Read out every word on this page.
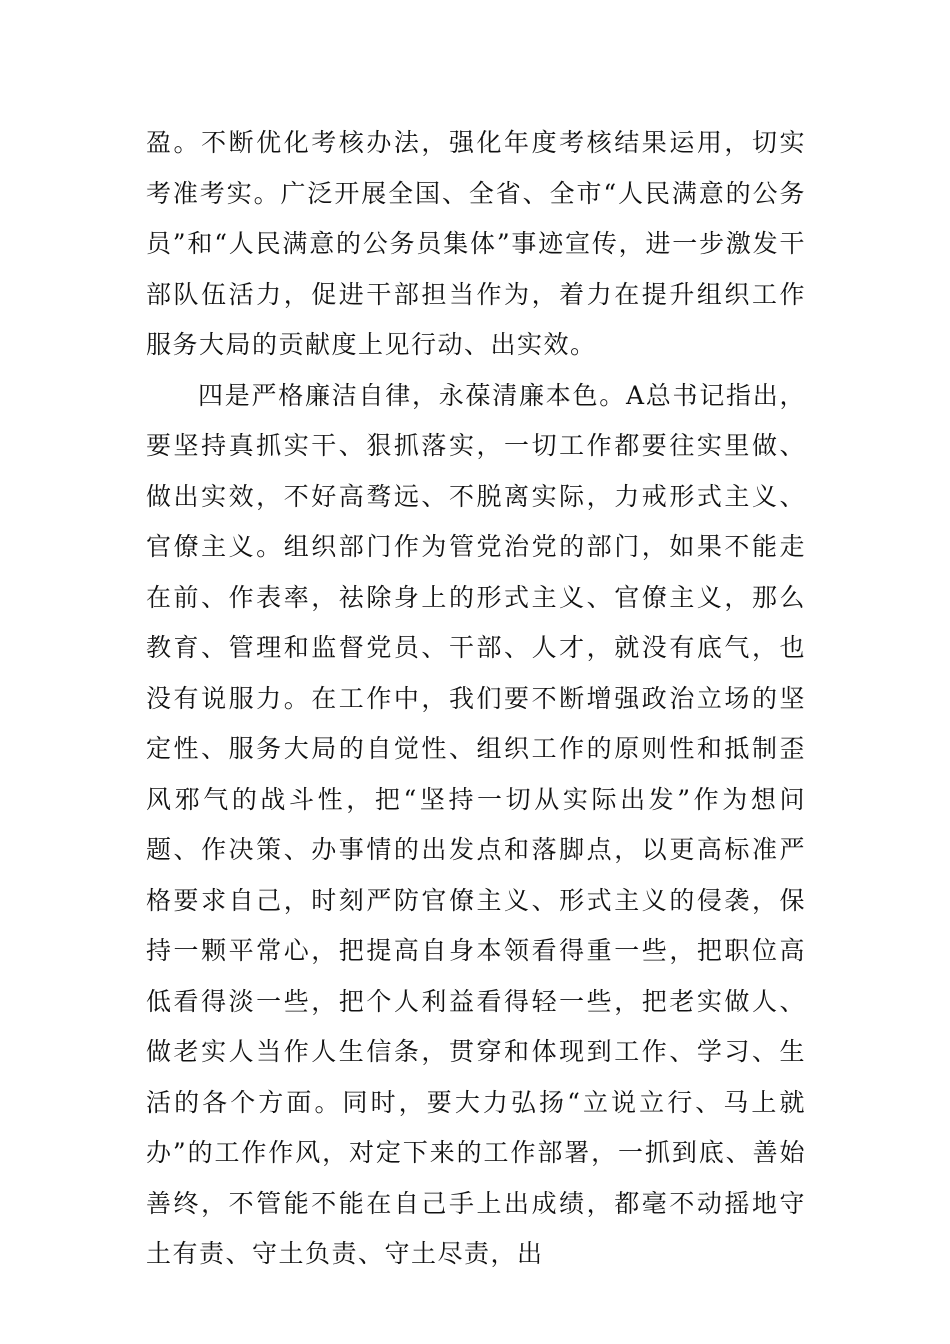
盈。不断优化考核办法，强化年度考核结果运用，切实考准考实。广泛开展全国、全省、全市“人民满意的公务员”和“人民满意的公务员集体”事迹宣传，进一步激发干部队伍活力，促进干部担当作为，着力在提升组织工作服务大局的贡献度上见行动、出实效。

四是严格廉洁自律，永葆清廉本色。A总书记指出，要坚持真抓实干、狠抓落实，一切工作都要往实里做、做出实效，不好高骛远、不脱离实际，力戒形式主义、官僚主义。组织部门作为管党治党的部门，如果不能走在前、作表率，祛除身上的形式主义、官僚主义，那么教育、管理和监督党员、干部、人才，就没有底气，也没有说服力。在工作中，我们要不断增强政治立场的坚定性、服务大局的自觉性、组织工作的原则性和抵制歪风邪气的战斗性，把“坚持一切从实际出发”作为想问题、作决策、办事情的出发点和落脚点，以更高标准严格要求自己，时刻严防官僚主义、形式主义的侵袭，保持一颗平常心，把提高自身本领看得重一些，把职位高低看得淡一些，把个人利益看得轻一些，把老实做人、做老实人当作人生信条，贯穿和体现到工作、学习、生活的各个方面。同时，要大力弘扬“立说立行、马上就办”的工作作风，对定下来的工作部署，一抓到底、善始善终，不管能不能在自己手上出成绩，都毫不动摇地守土有责、守土负责、守土尽责，出
